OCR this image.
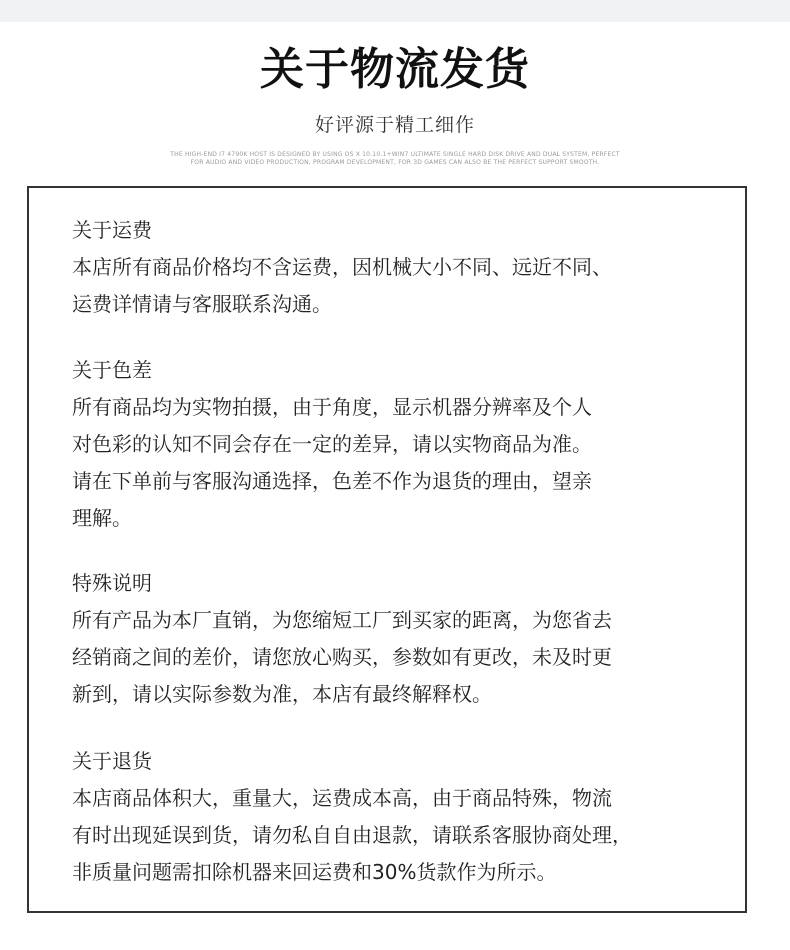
关于物流发货
好评源于精工细作
THE HIGH-END I7 4790K HOST IS DESIGNED BY USING OS X 10.10.1+WIN7 ULTIMATE SINGLE HARD DISK DRIVE AND DUAL SYSTEM, PERFECT
FOR AUDIO AND VIDEO PRODUCTION, PROGRAM DEVELOPMENT, FOR 3D GAMES CAN ALSO BE THE PERFECT SUPPORT SMOOTH.
关于运费
本店所有商品价格均不含运费，因机械大小不同、远近不同、
运费详情请与客服联系沟通。
关于色差
所有商品均为实物拍摄，由于角度，显示机器分辨率及个人
对色彩的认知不同会存在一定的差异，请以实物商品为准。
请在下单前与客服沟通选择，色差不作为退货的理由，望亲
理解。
特殊说明
所有产品为本厂直销，为您缩短工厂到买家的距离，为您省去
经销商之间的差价，请您放心购买，参数如有更改，未及时更
新到，请以实际参数为准，本店有最终解释权。
关于退货
本店商品体积大，重量大，运费成本高，由于商品特殊，物流
有时出现延误到货，请勿私自自由退款，请联系客服协商处理，
非质量问题需扣除机器来回运费和30%货款作为所示。
